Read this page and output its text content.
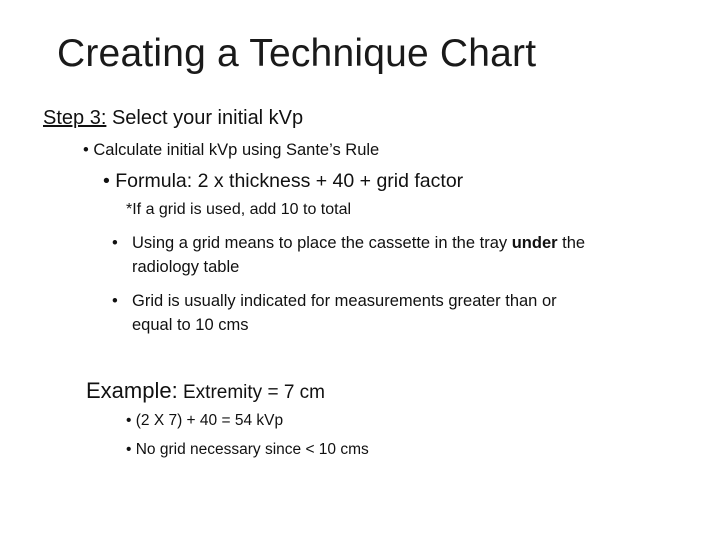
Creating a Technique Chart
Step 3: Select your initial kVp
• Calculate initial kVp using Sante’s Rule
• Formula: 2 x thickness + 40 + grid factor
*If a grid is used, add 10 to total
• Using a grid means to place the cassette in the tray under the
radiology table
• Grid is usually indicated for measurements greater than or
equal to 10 cms
Example: Extremity = 7 cm
• (2 X 7) + 40 = 54 kVp
• No grid necessary since < 10 cms
